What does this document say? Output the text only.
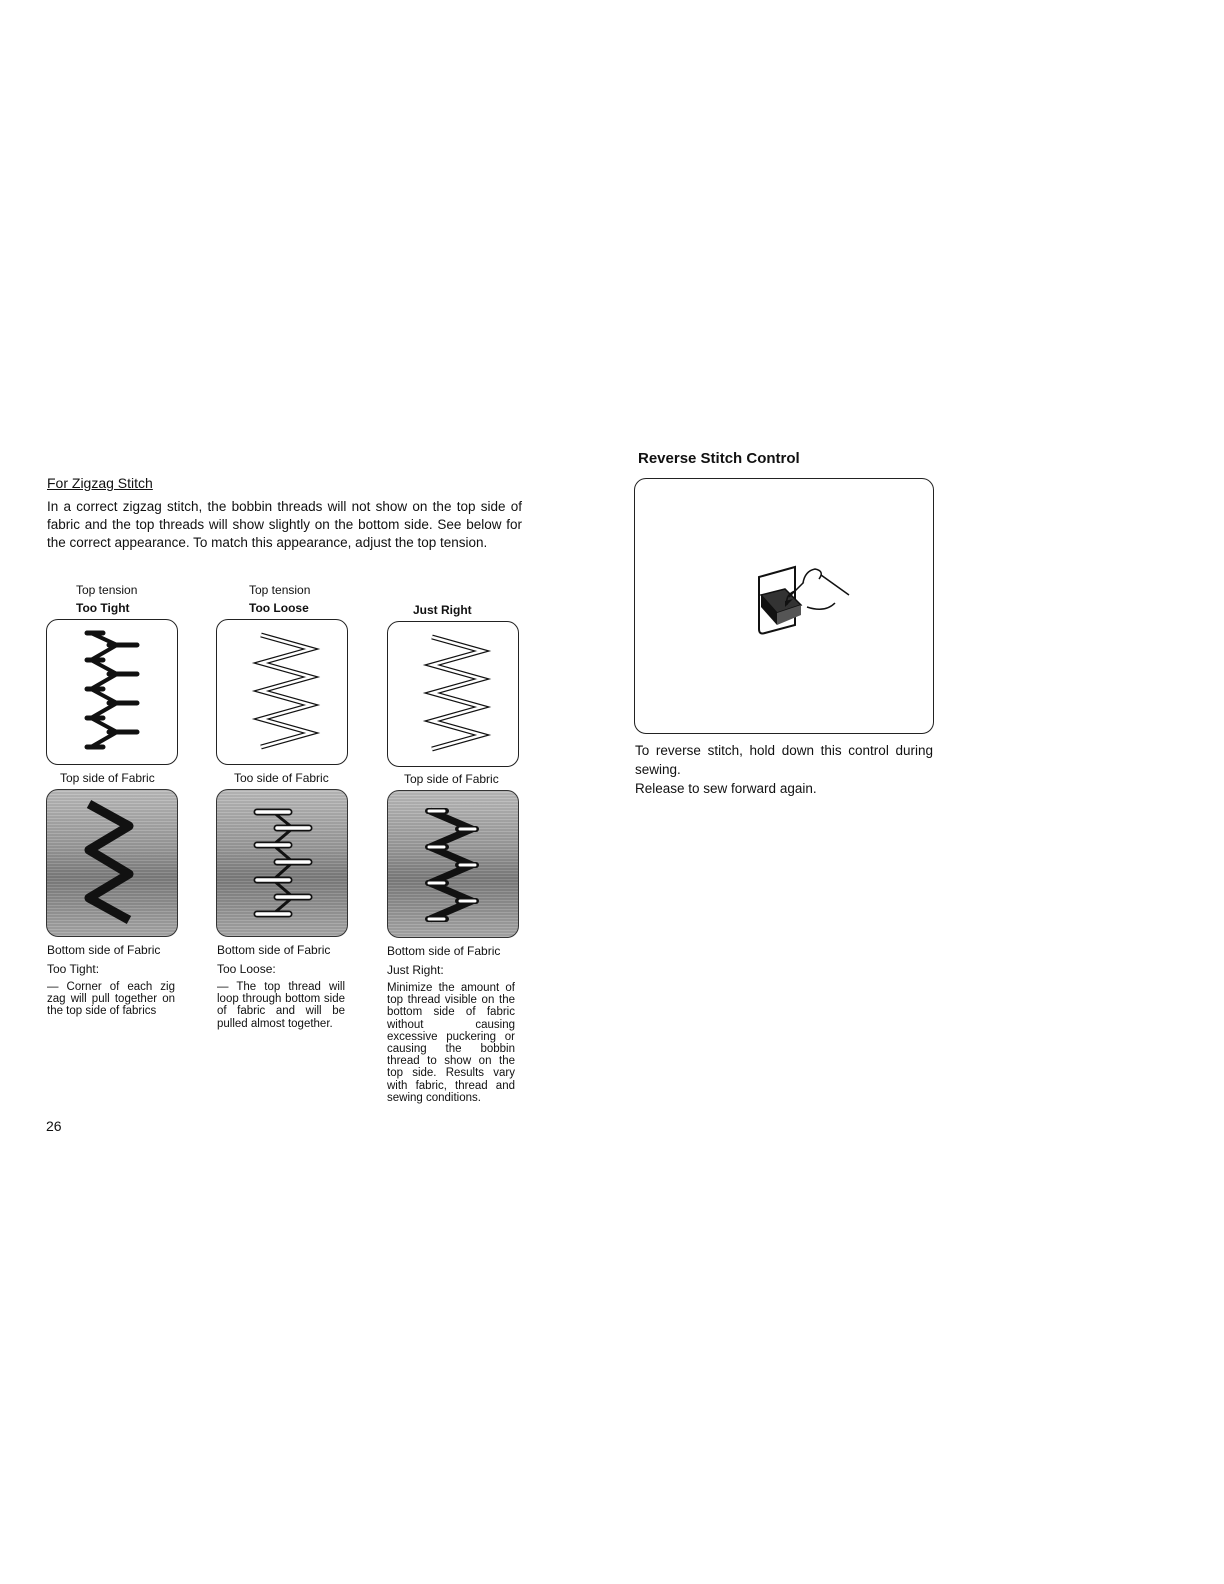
For Zigzag Stitch
In a correct zigzag stitch, the bobbin threads will not show on the top side of fabric and the top threads will show slightly on the bottom side. See below for the correct appearance. To match this appearance, adjust the top tension.
Top tension
Too Tight
Top side of Fabric
Bottom side of Fabric
Too Tight:
— Corner of each zig zag will pull together on the top side of fabrics
Top tension
Too Loose
Too side of Fabric
Bottom side of Fabric
Too Loose:
— The top thread will loop through bottom side of fabric and will be pulled almost together.
Just Right
Top side of Fabric
Bottom side of Fabric
Just Right:
Minimize the amount of top thread visible on the bottom side of fabric without causing excessive puckering or causing the bobbin thread to show on the top side. Results vary with fabric, thread and sewing conditions.
26
Reverse Stitch Control
To reverse stitch, hold down this control during sewing.
Release to sew forward again.
